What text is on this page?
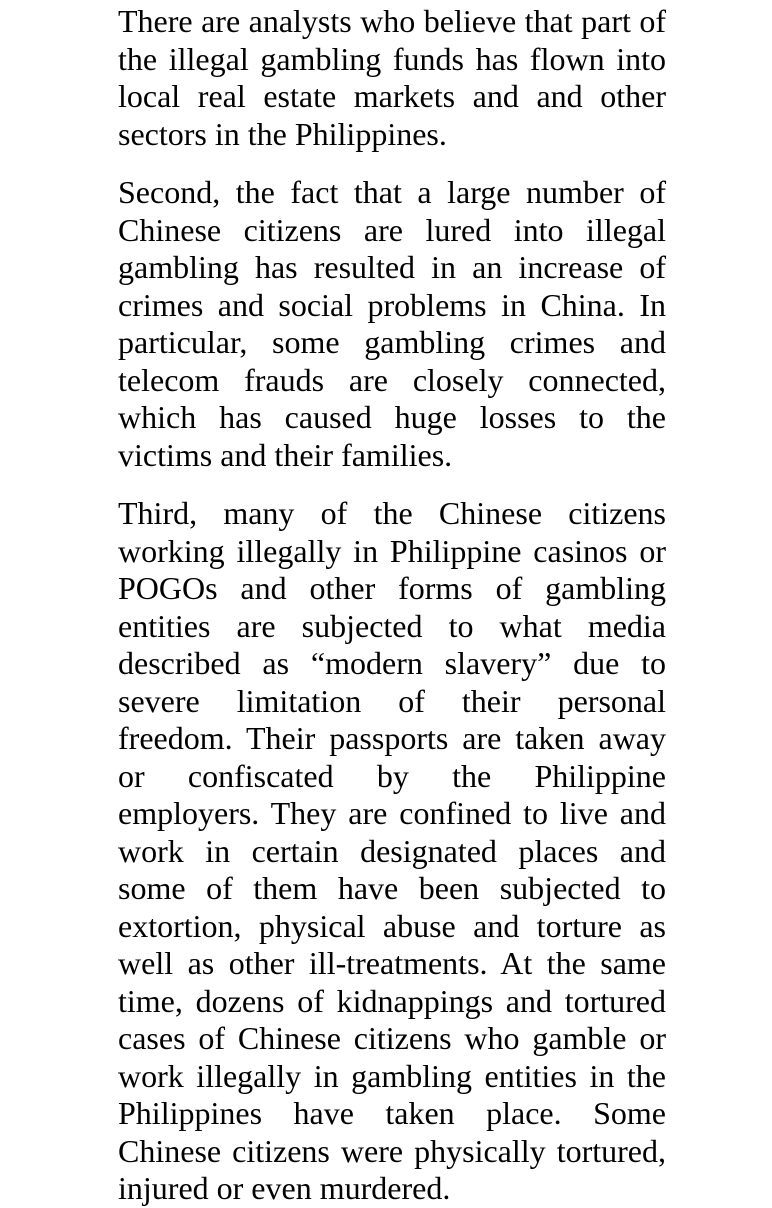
There are analysts who believe that part of
the illegal gambling funds has flown into
local real estate markets and and other
sectors in the Philippines.

Second, the fact that a large number of
Chinese citizens are lured into illegal
gambling has resulted in an increase of
crimes and social problems in China. In
particular, some gambling crimes and
telecom frauds are closely connected,
which has caused huge losses to the
victims and their families.

Third, many of the Chinese citizens
working illegally in Philippine casinos or
POGOs and other forms of gambling
entities are subjected to what media
described as “modern slavery” due to
severe limitation of their personal
freedom. Their passports are taken away
or confiscated by the Philippine
employers. They are confined to live and
work in certain designated places and
some of them have been subjected to
extortion, physical abuse and torture as
well as other ill-treatments. At the same
time, dozens of kidnappings and tortured
cases of Chinese citizens who gamble or
work illegally in gambling entities in the
Philippines have taken place. Some
Chinese citizens were physically tortured,
injured or even murdered.
